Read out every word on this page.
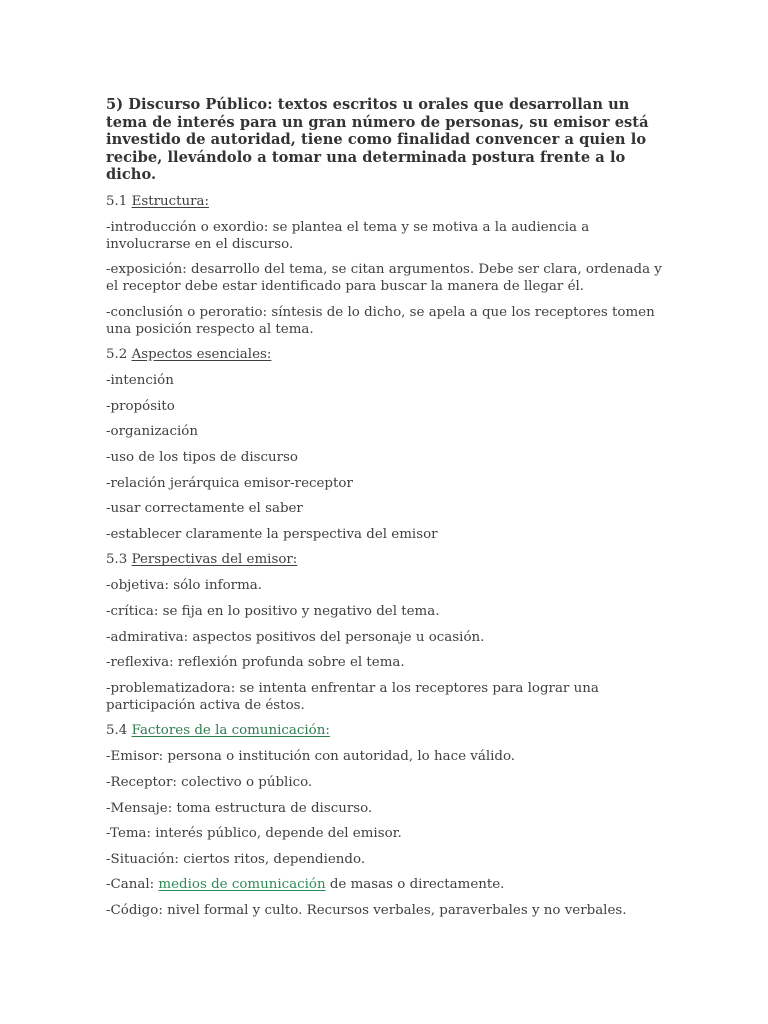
5) Discurso Público: textos escritos u orales que desarrollan un tema de interés para un gran número de personas, su emisor está investido de autoridad, tiene como finalidad convencer a quien lo recibe, llevándolo a tomar una determinada postura frente a lo dicho.
5.1 Estructura:
-introducción o exordio: se plantea el tema y se motiva a la audiencia a involucrarse en el discurso.
-exposición: desarrollo del tema, se citan argumentos. Debe ser clara, ordenada y el receptor debe estar identificado para buscar la manera de llegar él.
-conclusión o peroratio: síntesis de lo dicho, se apela a que los receptores tomen una posición respecto al tema.
5.2 Aspectos esenciales:
-intención
-propósito
-organización
-uso de los tipos de discurso
-relación jerárquica emisor-receptor
-usar correctamente el saber
-establecer claramente la perspectiva del emisor
5.3 Perspectivas del emisor:
-objetiva: sólo informa.
-crítica: se fija en lo positivo y negativo del tema.
-admirativa: aspectos positivos del personaje u ocasión.
-reflexiva: reflexión profunda sobre el tema.
-problematizadora: se intenta enfrentar a los receptores para lograr una participación activa de éstos.
5.4 Factores de la comunicación:
-Emisor: persona o institución con autoridad, lo hace válido.
-Receptor: colectivo o público.
-Mensaje: toma estructura de discurso.
-Tema: interés público, depende del emisor.
-Situación: ciertos ritos, dependiendo.
-Canal: medios de comunicación de masas o directamente.
-Código: nivel formal y culto. Recursos verbales, paraverbales y no verbales.
